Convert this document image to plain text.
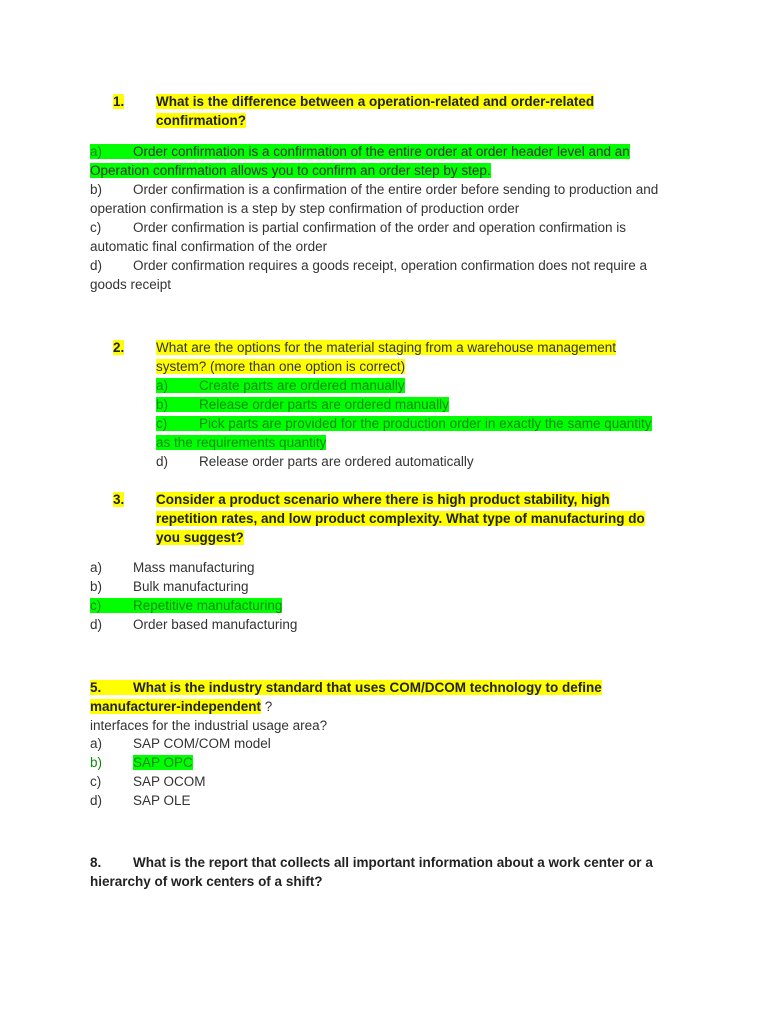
1. What is the difference between a operation-related and order-related
confirmation?
a) Order confirmation is a confirmation of the entire order at order header level and an
Operation confirmation allows you to confirm an order step by step.
b) Order confirmation is a confirmation of the entire order before sending to production and
operation confirmation is a step by step confirmation of production order
c) Order confirmation is partial confirmation of the order and operation confirmation is
automatic final confirmation of the order
d) Order confirmation requires a goods receipt, operation confirmation does not require a
goods receipt
2. What are the options for the material staging from a warehouse management
system? (more than one option is correct)
a) Create parts are ordered manually
b) Release order parts are ordered manually
c) Pick parts are provided for the production order in exactly the same quantity
as the requirements quantity
d) Release order parts are ordered automatically
3. Consider a product scenario where there is high product stability, high
repetition rates, and low product complexity. What type of manufacturing do
you suggest?
a) Mass manufacturing
b) Bulk manufacturing
c) Repetitive manufacturing
d) Order based manufacturing
5. What is the industry standard that uses COM/DCOM technology to define
manufacturer-independent ?
interfaces for the industrial usage area?
a) SAP COM/COM model
b) SAP OPC
c) SAP OCOM
d) SAP OLE
8. What is the report that collects all important information about a work center or a
hierarchy of work centers of a shift?
